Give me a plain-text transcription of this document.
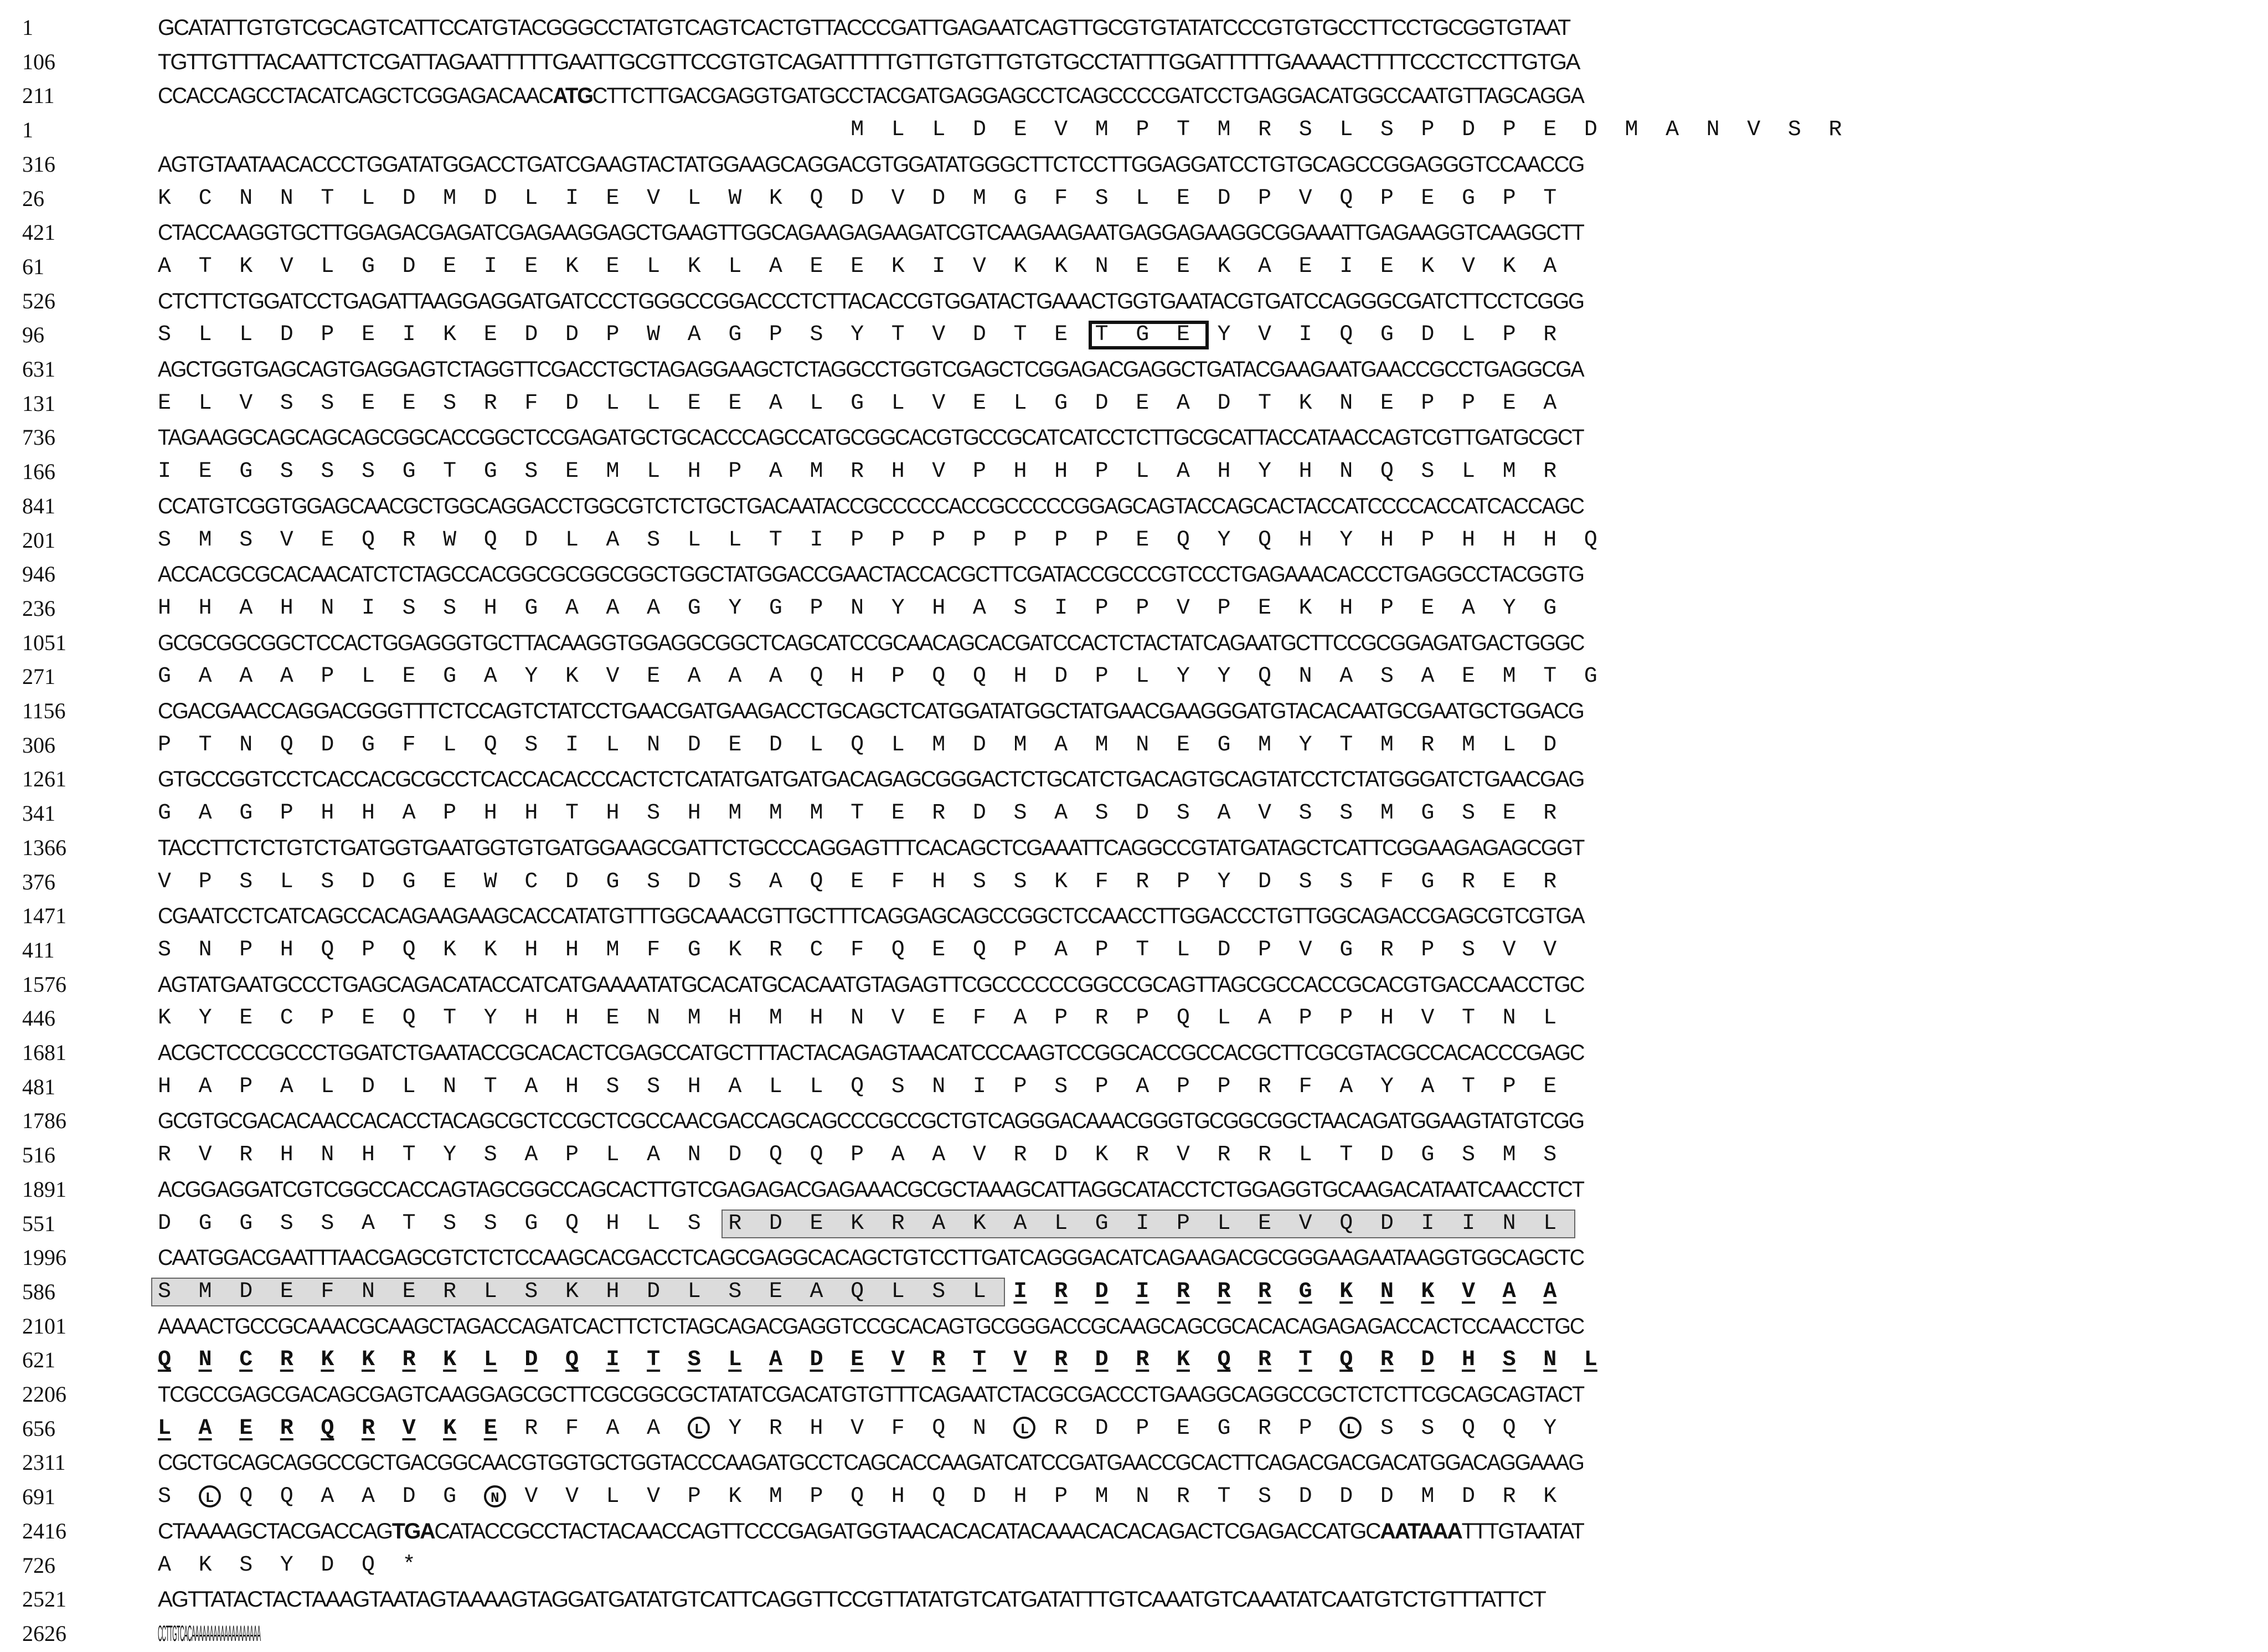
1	GCATATTGTGTCGCAGTCATTCCATGTACGGGCCTATGTCAGTCACTGTTACCCGATTGAGAATCAGTTGCGTGTATATCCCGTGTGCCTTCCTGCGGTGTAAT
106	TGTTGTTTACAATTCTCGATTAGAATTTTTGAATTGCGTTCCGTGTCAGATTTTTGTTGTGTTGTGTGCCTATTTGGATTTTTGAAAACTTTTCCCTCCTTGTGA
211	CCACCAGCCTACATCAGCTCGGAGACAACATGCTTCTTGACGAGGTGATGCCTACGATGAGGAGCCTCAGCCCCGATCCTGAGGACATGGCCAATGTTAGCAGGA
1	M L L D E V M P T M R S L S P D P E D M A N V S R
316	AGTGTAATAACACCCTGGATATGGACCTGATCGAAGTACTATGGAAGCAGGACGTGGATATGGGCTTCTCCTTGGAGGATCCTGTGCAGCCGGAGGGTCCAACCG
26	K C N N T L D M D L I E V L W K Q D V D M G F S L E D P V Q P E G P T
421	CTACCAAGGTGCTTGGAGACGAGATCGAGAAGGAGCTGAAGTTGGCAGAAGAGAAGATCGTCAAGAAGAATGAGGAGAAGGCGGAAATTGAGAAGGTCAAGGCTT
61	A T K V L G D E I E K E L K L A E E K I V K K N E E K A E I E K V K A
526	CTCTTCTGGATCCTGAGATTAAGGAGGATGATCCCTGGGCCGGACCCTCTTACACCGTGGATACTGAAACTGGTGAATACGTGATCCAGGGCGATCTTCCTCGGG
96	S L L D P E I K E D D P W A G P S Y T V D T E T G E Y V I Q G D L P R
631	AGCTGGTGAGCAGTGAGGAGTCTAGGTTCGACCTGCTAGAGGAAGCTCTAGGCCTGGTCGAGCTCGGAGACGAGGCTGATACGAAGAATGAACCGCCTGAGGCGA
131	E L V S S E E S R F D L L E E A L G L V E L G D E A D T K N E P P E A
736	TAGAAGGCAGCAGCAGCGGCACCGGCTCCGAGATGCTGCACCCAGCCATGCGGCACGTGCCGCATCATCCTCTTGCGCATTACCATAACCAGTCGTTGATGCGCT
166	I E G S S S G T G S E M L H P A M R H V P H H P L A H Y H N Q S L M R
841	CCATGTCGGTGGAGCAACGCTGGCAGGACCTGGCGTCTCTGCTGACAATACCGCCCCCACCGCCCCCGGAGCAGTACCAGCACTACCATCCCCACCATCACCAGC
201	S M S V E Q R W Q D L A S L L T I P P P P P P P E Q Y Q H Y H P H H H Q
946	ACCACGCGCACAACATCTCTAGCCACGGCGCGGCGGCTGGCTATGGACCGAACTACCACGCTTCGATACCGCCCGTCCCTGAGAAACACCCTGAGGCCTACGGTG
236	H H A H N I S S H G A A A G Y G P N Y H A S I P P V P E K H P E A Y G
1051	GCGCGGCGGCTCCACTGGAGGGTGCTTACAAGGTGGAGGCGGCTCAGCATCCGCAACAGCACGATCCACTCTACTATCAGAATGCTTCCGCGGAGATGACTGGGC
271	G A A A P L E G A Y K V E A A A Q H P Q Q H D P L Y Y Q N A S A E M T G
1156	CGACGAACCAGGACGGGTTTCTCCAGTCTATCCTGAACGATGAAGACCTGCAGCTCATGGATATGGCTATGAACGAAGGGATGTACACAATGCGAATGCTGGACG
306	P T N Q D G F L Q S I L N D E D L Q L M D M A M N E G M Y T M R M L D
1261	GTGCCGGTCCTCACCACGCGCCTCACCACACCCACTCTCATATGATGATGACAGAGCGGGACTCTGCATCTGACAGTGCAGTATCCTCTATGGGATCTGAACGAG
341	G A G P H H A P H H T H S H M M M T E R D S A S D S A V S S M G S E R
1366	TACCTTCTCTGTCTGATGGTGAATGGTGTGATGGAAGCGATTCTGCCCAGGAGTTTCACAGCTCGAAATTCAGGCCGTATGATAGCTCATTCGGAAGAGAGCGGT
376	V P S L S D G E W C D G S D S A Q E F H S S K F R P Y D S S F G R E R
1471	CGAATCCTCATCAGCCACAGAAGAAGCACCATATGTTTGGCAAACGTTGCTTTCAGGAGCAGCCGGCTCCAACCTTGGACCCTGTTGGCAGACCGAGCGTCGTGA
411	S N P H Q P Q K K H H M F G K R C F Q E Q P A P T L D P V G R P S V V
1576	AGTATGAATGCCCTGAGCAGACATACCATCATGAAAATATGCACATGCACAATGTAGAGTTCGCCCCCCGGCCGCAGTTAGCGCCACCGCACGTGACCAACCTGC
446	K Y E C P E Q T Y H H E N M H M H N V E F A P R P Q L A P P H V T N L
1681	ACGCTCCCGCCCTGGATCTGAATACCGCACACTCGAGCCATGCTTTACTACAGAGTAACATCCCAAGTCCGGCACCGCCACGCTTCGCGTACGCCACACCCGAGC
481	H A P A L D L N T A H S S H A L L Q S N I P S P A P P R F A Y A T P E
1786	GCGTGCGACACAACCACACCTACAGCGCTCCGCTCGCCAACGACCAGCAGCCCGCCGCTGTCAGGGACAAACGGGTGCGGCGGCTAACAGATGGAAGTATGTCGG
516	R V R H N H T Y S A P L A N D Q Q P A A V R D K R V R R L T D G S M S
1891	ACGGAGGATCGTCGGCCACCAGTAGCGGCCAGCACTTGTCGAGAGACGAGAAACGCGCTAAAGCATTAGGCATACCTCTGGAGGTGCAAGACATAATCAACCTCT
551	D G G S S A T S S G Q H L S R D E K R A K A L G I P L E V Q D I I N L
1996	CAATGGACGAATTTAACGAGCGTCTCTCCAAGCACGACCTCAGCGAGGCACAGCTGTCCTTGATCAGGGACATCAGAAGACGCGGGAAGAATAAGGTGGCAGCTC
586	S M D E F N E R L S K H D L S E A Q L S L I R D I R R R G K N K V A A
2101	AAAACTGCCGCAAACGCAAGCTAGACCAGATCACTTCTCTAGCAGACGAGGTCCGCACAGTGCGGGACCGCAAGCAGCGCACACAGAGAGACCACTCCAACCTGC
621	Q N C R K K R K L D Q I T S L A D E V R T V R D R K Q R T Q R D H S N L
2206	TCGCCGAGCGACAGCGAGTCAAGGAGCGCTTCGCGGCGCTATATCGACATGTGTTTCAGAATCTACGCGACCCTGAAGGCAGGCCGCTCTCTTCGCAGCAGTACT
656	L A E R Q R V K E R F A A L Y R H V F Q N L R D P E G R P L S S Q Q Y
2311	CGCTGCAGCAGGCCGCTGACGGCAACGTGGTGCTGGTACCCAAGATGCCTCAGCACCAAGATCATCCGATGAACCGCACTTCAGACGACGACATGGACAGGAAAG
691	S L Q Q A A D G N V V L V P K M P Q H Q D H P M N R T S D D D M D R K
2416	CTAAAAGCTACGACCAGTGACATACCGCCTACTACAACCAGTTCCCGAGATGGTAACACACATACAAACACACAGACTCGAGACCATGCAATAAATTTGTAATAT
726	A K S Y D Q *
2521	AGTTATACTACTAAAGTAATAGTAAAAGTAGGATGATATGTCATTCAGGTTCCGTTATATGTCATGATATTTGTCAAATGTCAAATATCAATGTCTGTTTATTCT
2626	CCTTGTCACAAAAAAAAAAAAAAAAAAA
